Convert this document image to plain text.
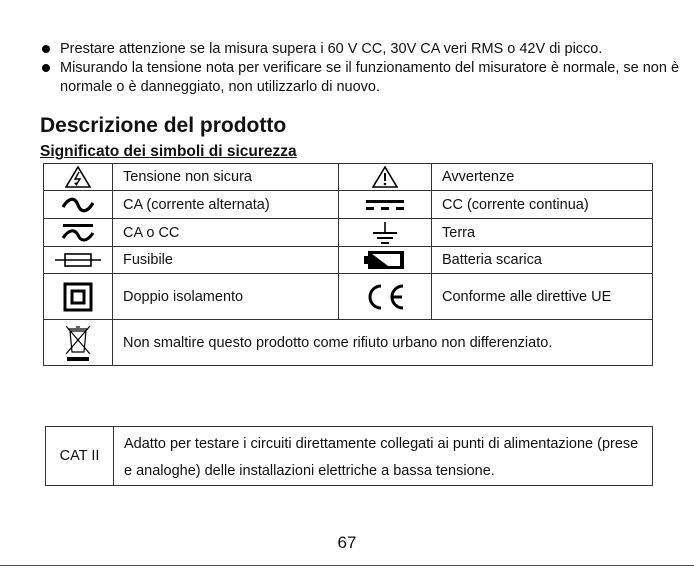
Prestare attenzione se la misura supera i 60 V CC, 30V CA veri RMS o 42V di picco.
Misurando la tensione nota per verificare se il funzionamento del misuratore è normale, se non è normale o è danneggiato, non utilizzarlo di nuovo.
Descrizione del prodotto
Significato dei simboli di sicurezza
	Tensione non sicura		Avvertenze

	CA (corrente alternata)		CC (corrente continua)

	CA o CC		Terra

	Fusibile		Batteria scarica

	Doppio isolamento		Conforme alle direttive UE

	Non smaltire questo prodotto come rifiuto urbano non differenziato.		
CAT II	Adatto per testare i circuiti direttamente collegati ai punti di alimentazione (prese e analoghe) delle installazioni elettriche a bassa tensione.
67
